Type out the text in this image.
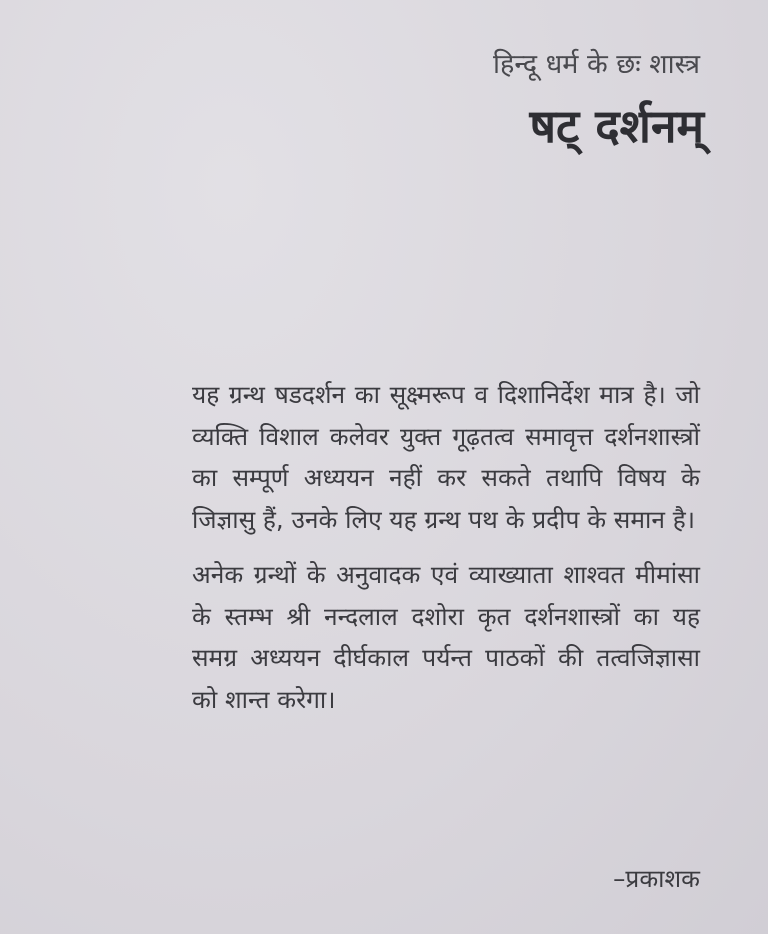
हिन्दू धर्म के छः शास्त्र
षट् दर्शनम्

यह ग्रन्थ षडदर्शन का सूक्ष्मरूप व दिशानिर्देश मात्र है। जो व्यक्ति विशाल कलेवर युक्त गूढ़तत्व समावृत्त दर्शनशास्त्रों का सम्पूर्ण अध्ययन नहीं कर सकते तथापि विषय के जिज्ञासु हैं, उनके लिए यह ग्रन्थ पथ के प्रदीप के समान है।

अनेक ग्रन्थों के अनुवादक एवं व्याख्याता शाश्वत मीमांसा के स्तम्भ श्री नन्दलाल दशोरा कृत दर्शनशास्त्रों का यह समग्र अध्ययन दीर्घकाल पर्यन्त पाठकों की तत्वजिज्ञासा को शान्त करेगा।

–प्रकाशक
